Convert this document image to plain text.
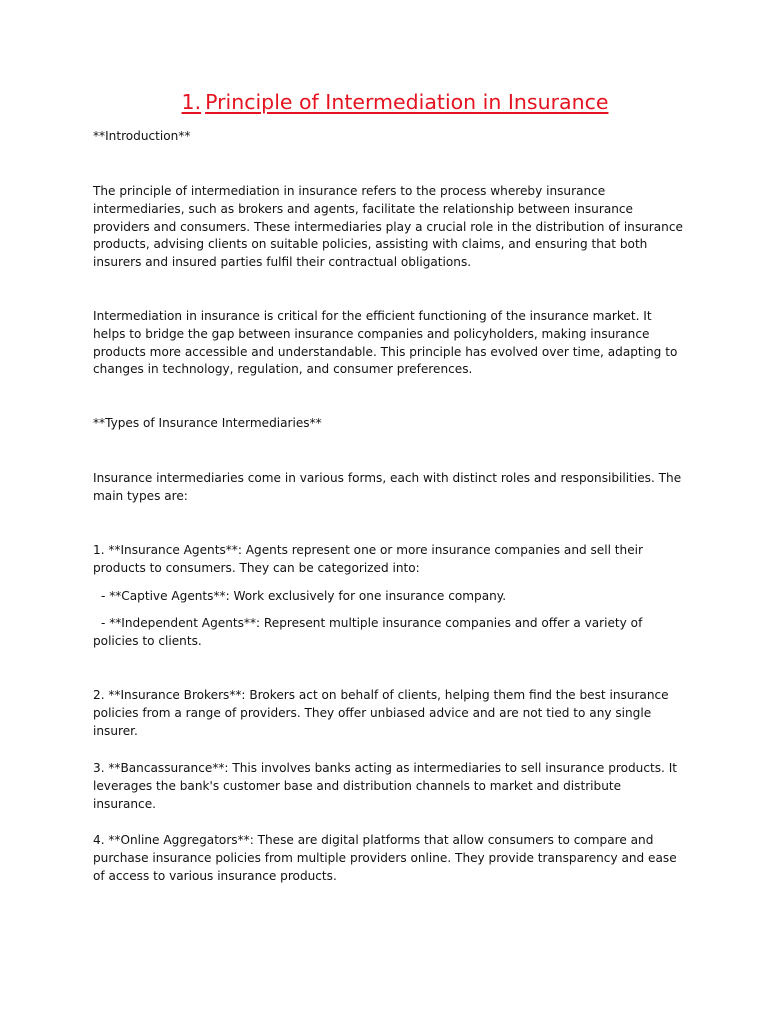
1. Principle of Intermediation in Insurance

**Introduction**

The principle of intermediation in insurance refers to the process whereby insurance intermediaries, such as brokers and agents, facilitate the relationship between insurance providers and consumers. These intermediaries play a crucial role in the distribution of insurance products, advising clients on suitable policies, assisting with claims, and ensuring that both insurers and insured parties fulfil their contractual obligations.

Intermediation in insurance is critical for the efficient functioning of the insurance market. It helps to bridge the gap between insurance companies and policyholders, making insurance products more accessible and understandable. This principle has evolved over time, adapting to changes in technology, regulation, and consumer preferences.

**Types of Insurance Intermediaries**

Insurance intermediaries come in various forms, each with distinct roles and responsibilities. The main types are:

1. **Insurance Agents**: Agents represent one or more insurance companies and sell their products to consumers. They can be categorized into:

- **Captive Agents**: Work exclusively for one insurance company.

- **Independent Agents**: Represent multiple insurance companies and offer a variety of policies to clients.

2. **Insurance Brokers**: Brokers act on behalf of clients, helping them find the best insurance policies from a range of providers. They offer unbiased advice and are not tied to any single insurer.

3. **Bancassurance**: This involves banks acting as intermediaries to sell insurance products. It leverages the bank's customer base and distribution channels to market and distribute insurance.

4. **Online Aggregators**: These are digital platforms that allow consumers to compare and purchase insurance policies from multiple providers online. They provide transparency and ease of access to various insurance products.
